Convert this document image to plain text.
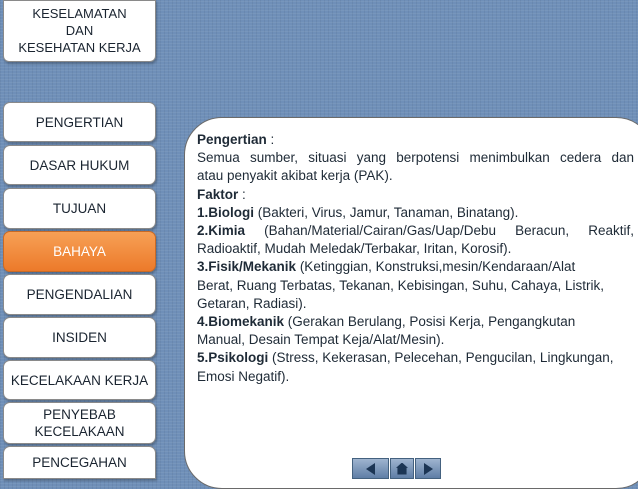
KESELAMATAN
DAN
KESEHATAN KERJA
PENGERTIAN
DASAR HUKUM
TUJUAN
BAHAYA
PENGENDALIAN
INSIDEN
KECELAKAAN KERJA
PENYEBAB
KECELAKAAN
PENCEGAHAN

Pengertian :

Semua sumber, situasi yang berpotensi menimbulkan cedera dan

atau penyakit akibat kerja (PAK).

Faktor :

1.Biologi (Bakteri, Virus, Jamur, Tanaman, Binatang).

2.Kimia (Bahan/Material/Cairan/Gas/Uap/Debu Beracun, Reaktif,

Radioaktif, Mudah Meledak/Terbakar, Iritan, Korosif).

3.Fisik/Mekanik (Ketinggian, Konstruksi,mesin/Kendaraan/Alat

Berat, Ruang Terbatas, Tekanan, Kebisingan, Suhu, Cahaya, Listrik,

Getaran, Radiasi).

4.Biomekanik (Gerakan Berulang, Posisi Kerja, Pengangkutan

Manual, Desain Tempat Keja/Alat/Mesin).

5.Psikologi (Stress, Kekerasan, Pelecehan, Pengucilan, Lingkungan,

Emosi Negatif).
